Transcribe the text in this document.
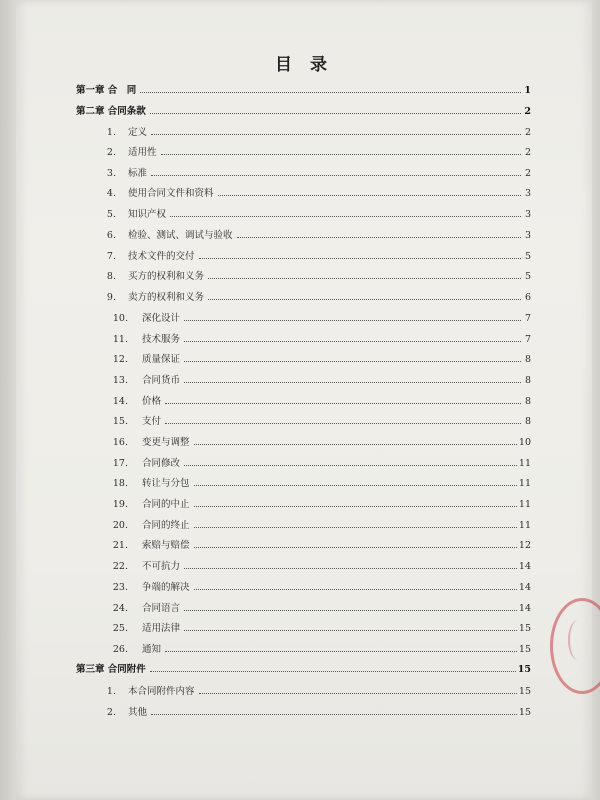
目 录
第一章 合　同	1
第二章 合同条款	2
1.	定义	2
2.	适用性	2
3.	标准	2
4.	使用合同文件和资料	3
5.	知识产权	3
6.	检验、测试、调试与验收	3
7.	技术文件的交付	5
8.	买方的权利和义务	5
9.	卖方的权利和义务	6
10.	深化设计	7
11.	技术服务	7
12.	质量保证	8
13.	合同货币	8
14.	价格	8
15.	支付	8
16.	变更与调整	10
17.	合同修改	11
18.	转让与分包	11
19.	合同的中止	11
20.	合同的终止	11
21.	索赔与赔偿	12
22.	不可抗力	14
23.	争端的解决	14
24.	合同语言	14
25.	适用法律	15
26.	通知	15
第三章 合同附件	15
1.	本合同附件内容	15
2.	其他	15
